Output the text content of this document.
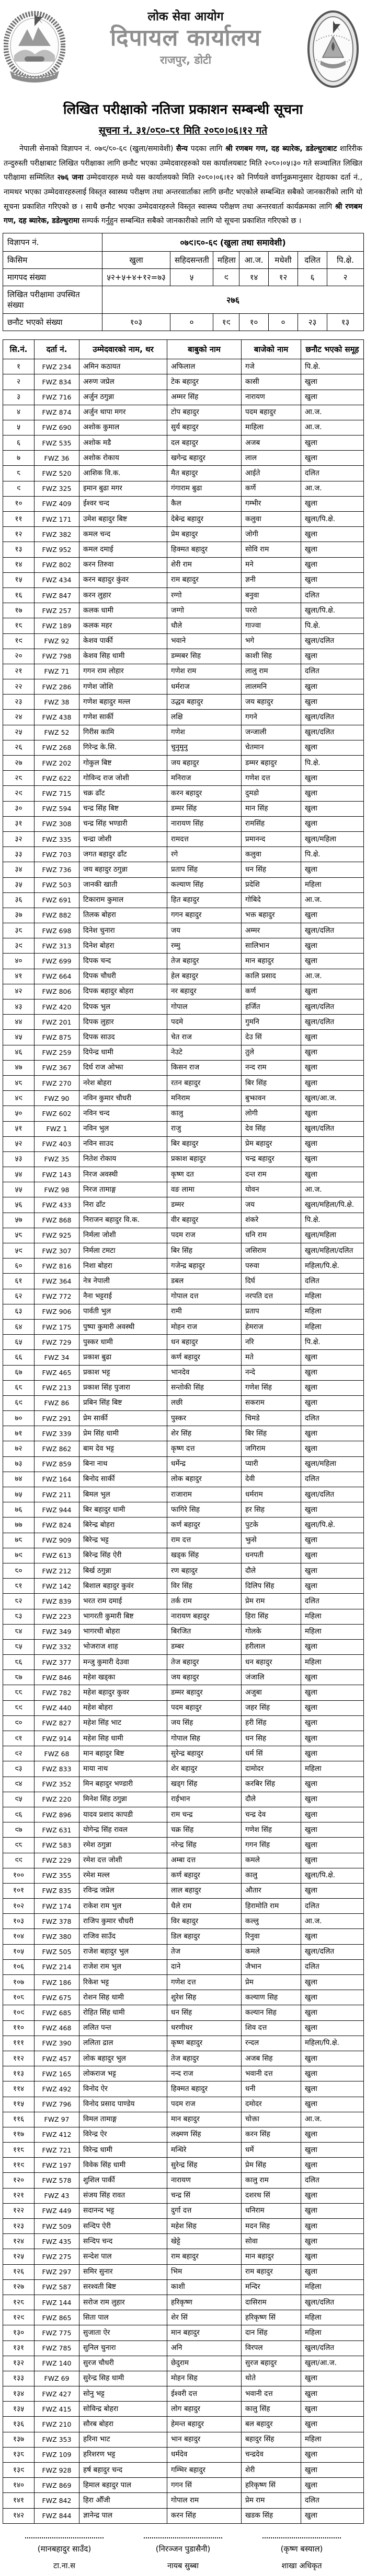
लोक सेवा आयोग
दिपायल कार्यालय
राजपुर, डोटी
लिखित परीक्षाको नतिजा प्रकाशन सम्बन्धी सूचना
सूचना नं. ३१/०८०-८१ मिति २०८०।०६।१२ गते

नेपाली सेनाको विज्ञापन नं. ०७९/८०-६९ (खुला/समावेशी) सैन्य पदका लागि श्री रणबम गण, दह ब्यारेक, डडेल्धुराबाट शारिरीक तन्दुरुस्ती परीक्षाबाट लिखित परीक्षाका लागि छनौट भएका उम्मेदवारहरुको यस कार्यालयबाट मिति २०८०।०५।३० गते सञ्चालित लिखित परीक्षामा सम्मिलित २७६ जना उम्मेदवारहरु मध्ये यस कार्यालयको मिति २०८०।०६।१२ को निर्णयले वर्णानुक्रमानुसार देहायका दर्ता नं., नामथर भएका उम्मेदवारहरुलाई विस्तृत स्वास्थ्य परीक्षण तथा अन्तरवार्ताका लागि छनौट भएकोले सम्बन्धित सबैको जानकारीको लागि यो सूचना प्रकाशित गरिएको छ । साथै छनौट भएका उम्मेदवारहरुले विस्तृत स्वास्थ्य परीक्षण तथा अन्तरवार्ता कार्यक्रमका लागि श्री रणबम गण, दह ब्यारेक, डडेल्धुरामा सम्पर्क गर्नुहुन सम्बन्धित सबैको जानकारीको लागि यो सूचना प्रकाशित गरिएको छ ।

विज्ञापन नं.	०७९।८०-६९ (खुला तथा समावेशी)						
किसिम	खुला	सहिदसन्तती	महिला	आ.ज.	मधेशी	दलित	पि.क्षे.
मागपद संख्या	५२+५+४+१२=७३	५	९	१४	१२	६	२
लिखित परीक्षामा उपस्थित संख्या	२७६						
छनौट भएको संख्या	१०३	०	१९	१०	०	२३	१३
सि.नं.	दर्ता नं.	उम्मेदवारको नाम, थर	बाबुको नाम	बाजेको नाम	छनौट भएको समूह
१	FWZ 234	अमिन कठायत	अफिलाल	गजे	पि.क्षे.
२	FWZ 834	अरुण जप्रेल	टेक बहादुर	कासी	खुला
३	FWZ 716	अर्जुन ठगुन्ना	अम्मर सिंह	नारायण	खुला
४	FWZ 874	अर्जुन थापा मगर	टोप बहादुर	पदम बहादुर	आ.ज.
५	FWZ 690	अशोक कुमाल	सुर्य बहादुर	माहिला	आ.ज.
६	FWZ 535	अशोक मडै	दल बहादुर	अजब	खुला
७	FWZ 36	अशोक रोकाय	खगेन्द्र बहादुर	लाल	खुला
८	FWZ 520	आशिक वि.क.	मैत बहादुर	आईते	दलित
९	FWZ 325	इमान बुढा मगर	गंगाराम बुढा	कर्णे	आ.ज.
१०	FWZ 409	ईश्वर चन्द	कैल	गम्भीर	खुला
११	FWZ 171	उमेश बहादुर बिष्ट	देबेन्द्र बहादुर	कलुवा	खुला/पि.क्षे.
१२	FWZ 382	कमल चन्द	प्रेम बहादुर	जोगी	खुला
१३	FWZ 952	कमल दमाई	हिक्मत बहादुर	सोवि राम	खुला
१४	FWZ 802	करन तिरुवा	शेरी राम	मने	खुला
१५	FWZ 434	करन बहादुर कुंवर	राम बहादुर	ज्ञनी	खुला
१६	FWZ 847	करन लुहार	रग्गो	बनुवा	दलित
१७	FWZ 257	कलक धामी	जग्गो	पररो	खुला/पि.क्षे.
१८	FWZ 189	कलक महर	धौले	गाज्वा	पि.क्षे.
१९	FWZ 92	केशव पार्की	भवाने	भगे	खुला/दलित
२०	FWZ 798	केशव सिह धामी	डम्मबर सिह	काशी सिह	खुला
२१	FWZ 71	गगन राम लोहार	गणेश राम	लालु राम	दलित
२२	FWZ 286	गणेश जोशि	धर्मराज	लालमनि	खुला
२३	FWZ 38	गणेश बहादुर मल्ल	उद्धव बहादुर	जय बहादुर	खुला
२४	FWZ 438	गणेश सार्की	लक्षि	गगने	खुला/दलित
२५	FWZ 52	गिरीस कामि	गणेश	जन्जाली	खुला/दलित
२६	FWZ 268	गिरेन्द्र के.सि.	चुनुमुनु	चेतमान	खुला
२७	FWZ 202	गोकुल बिष्ट	जय बहादुर	डम्मर बहादुर	पि.क्षे.
२८	FWZ 622	गोविन्द राज जोशी	मनिराज	गणेश दत्त	खुला
२९	FWZ 715	चक्र ढाँट	करन बहादुर	दुमडो	खुला
३०	FWZ 594	चन्द्र सिंह बिष्ट	डम्मर सिंह	मान सिंह	खुला
३१	FWZ 308	चन्द्र सिंह भण्डारी	नारायण सिंह	रामसिंह	खुला
३२	FWZ 335	चन्द्रा जोशी	रामदत्त	प्रमानन्द	खुला/महिला
३३	FWZ 703	जगत बहादुर ढाँट	रगे	कलुवा	पि.क्षे.
३४	FWZ 736	जय बहादुर ठगुन्ना	प्रताप सिंह	धन सिंह	खुला
३५	FWZ 503	जानकी खाती	कल्याण सिंह	प्रदेशि	महिला
३६	FWZ 691	टिकाराम कुमाल	हित बहादुर	गोबिदे	आ.ज.
३७	FWZ 882	तिलक बोहरा	गगन बहादुर	भक्त बहादुर	खुला
३८	FWZ 698	दिनेश चुनारा	जय	अम्मर	खुला/दलित
३९	FWZ 313	दिनेश बोहरा	रम्मु	सालिभान	खुला
४०	FWZ 699	दिपक चन्द	तेज बहादुर	मान बहादुर	खुला
४१	FWZ 664	दिपक चौधरी	हेल बहादुर	कालि प्रसाद	आ.ज.
४२	FWZ 806	दिपक बहादुर बोहरा	नर बहादुर	कर्ण	खुला
४३	FWZ 420	दिपक भुल	गोपाल	हर्जित	खुला/दलित
४४	FWZ 201	दिपक लुहार	पदमे	गुमनि	खुला/दलित
४५	FWZ 875	दिपक साउद	चेत राज	देउ सिं	खुला
४६	FWZ 259	दिपेन्द्र धामी	नेउटे	तुले	खुला
४७	FWZ 367	दिर्घ राज ओझा	किसन राज	नन्द राम	खुला
४८	FWZ 270	नरेश बोहरा	रतन बहादुर	बिर सिंह	खुला
४९	FWZ 90	नविन कुमार चौधरी	मनिराम	बुझावन	खुला/आ.ज.
५०	FWZ 602	नविन चन्द	कालु	लोगी	खुला
५१	FWZ 1	नविन भुल	राजु	देव सिंह	खुला/दलित
५२	FWZ 403	नविन साउद	बिर बहादुर	प्रेम बहादुर	खुला
५३	FWZ 35	नितेश रोकाय	प्रकाश बहादुर	चन्द्र बहादुर	खुला
५४	FWZ 143	निरज अवस्थी	कृष्ण दत	दन्त राम	खुला
५५	FWZ 98	निरज तामाङ्ग	वङ लामा	योवन	आ.ज.
५६	FWZ 433	निरा ढाँट	डम्मर	जय	खुला/महिला/पि.क्षे.
५७	FWZ 868	निराजन बहादुर वि.क.	वीर बहादुर	शंकरे	पि.क्षे.
५८	FWZ 925	निर्मला जोशी	पदम राज	धनि राम	खुला/महिला
५९	FWZ 307	निर्मला टमटा	बिर सिंह	जसिराम	खुला/महिला/दलित
६०	FWZ 816	निशा बोहरा	गजेन्द्र बहादुर	परुवा	महिला/पि.क्षे.
६१	FWZ 364	नेत्र नेपाली	डबल	दिर्घ	दलित
६२	FWZ 772	नैना भट्टराई	गोपाल दत्त	नरपति दत्त	महिला
६३	FWZ 906	पार्वती भुल	रामी	प्रताप	महिला
६४	FWZ 175	पुष्पा कुमारी अवस्थी	मोहन राज	हेमराज	महिला
६५	FWZ 729	पुस्कर धामी	धन बहादुर	नरि	पि.क्षे.
६६	FWZ 34	प्रकाश बुढा	कर्ण बहादुर	मते	खुला
६७	FWZ 465	प्रकाश भट्ट	भानदेव	नन्दे	खुला
६८	FWZ 213	प्रकाश सिंह पुजारा	सन्तोकी सिंह	गणेश सिंह	खुला
६९	FWZ 86	प्रबिन सिंह बिष्ट	लछी	सकराम	खुला
७०	FWZ 291	प्रेम सार्की	पुस्कर	चिमडे	दलित
७१	FWZ 339	प्रेम सिंह धामी	शेर सिंह	बिर सिंह	खुला
७२	FWZ 862	बाम देव भट्ट	कृष्ण दत्त	जगिराम	खुला
७३	FWZ 859	बिना नाथ	धर्मेन्द्र	प्यारी	खुला/महिला
७४	FWZ 164	बिनोद सार्की	लोक बहादुर	देवी	दलित
७५	FWZ 211	बिमल भुल	राजाराम	धर्मराम	खुला/दलित
७६	FWZ 944	बिर बहादुर धामी	फागिरे सिह	हर सिह	खुला
७७	FWZ 824	बिरेन्द्र बोहरा	कर्ण बहादुर	पुटके	खुला/पि.क्षे.
७८	FWZ 909	बिरेन्द्र भट्ट	राम दत्त	झुसे	खुला
७९	FWZ 613	बिरेन्द्र सिंह ऐरी	खड्क सिंह	धनपती	खुला
८०	FWZ 212	बिर्ख ठगुन्ना	रण बहादुर	दौले	खुला
८१	FWZ 142	बिशाल बहादुर कुवंर	विर सिंह	दिलिप सिंह	खुला
८२	FWZ 839	भरत राम दमाई	तर्क राम	प्रेम राम	दलित
८३	FWZ 223	भागरती कुमारी बिष्ट	नारायण बहादुर	हिरा सिंह	महिला
८४	FWZ 349	भागरथी बोहरा	बिरजित	गोलके	महिला
८५	FWZ 332	भोजराज शाह	डम्बर	हरीलाल	खुला
८६	FWZ 377	मन्जु कुमारी देउवा	तेज बहादुर	धन बहादुर	महिला
८७	FWZ 846	महेश खड्का	जय बहादुर	जंजालि	खुला
८८	FWZ 782	महेश बहादुर कुवर	डम्मर बहादुर	अजुबा	खुला
८९	FWZ 440	महेश बोहरा	पदम बहादुर	जहर सिंह	खुला
९०	FWZ 827	महेश सिंह भाट	जय सिंह	हरी सिंह	खुला
९१	FWZ 914	महेश सिह धामी	गोपाल सिह	धन सिह	खुला
९२	FWZ 68	मान बहादुर बिष्ट	सुरेन्द्र बहादुर	धर्म सिं	खुला
९३	FWZ 833	माया नाथ	शेर बहादुर	दामोदर	महिला
९४	FWZ 352	मिन बहादुर भण्डारी	खड्ग सिंह	करबिर सिंह	खुला
९५	FWZ 220	मिनेश सिंह ठगुन्ना	राईभान	दौले	खुला
९६	FWZ 896	यादव प्रशाद कापडी	राम चन्द्र	चन्द्र देव	खुला
९७	FWZ 631	योगेन्द्र सिंह रावल	चक्र सिंह	गणेश सिंह	खुला
९८	FWZ 583	रमेश ठगुन्ना	नरेन्द्र सिंह	गगन सिंह	खुला
९९	FWZ 229	रमेश दत्त जोशी	अम्बा दत्त	कमले	खुला
१००	FWZ 355	रमेश मल्ल	कर्ण बहादुर	कालु	खुला/पि.क्षे.
१०१	FWZ 835	रविन्द्र जप्रेल	लाल बहादुर	औतार	खुला
१०२	FWZ 174	राकेश राम भुल	धैले राम	हिरामोति राम	दलित
१०३	FWZ 378	राजिप कुमार चौधरी	विर बहादुर	कल्लु	आ.ज.
१०४	FWZ 380	राजिव साउँद	डिल बहादुर	रिनुवा	खुला
१०५	FWZ 505	राजेश बहादुर भुल	तेज	कमले	खुला/दलित
१०६	FWZ 214	राजेश राम भुल	दाने	जैभान	दलित
१०७	FWZ 186	रिकेश भट्ट	गणेश दत्त	प्रेम	खुला
१०८	FWZ 675	रोशन सिह धामी	शुरेश सिह	कल्याण सिह	खुला
१०९	FWZ 685	रोहित सिंह धामी	धन सिंह	कल्यान सिह	खुला
११०	FWZ 468	ललित पन्त	धरणीधर	शिव दत्त	खुला
१११	FWZ 390	ललिता द्राल	कृष्ण बहादुर	रन्दल	महिला/पि.क्षे.
११२	FWZ 457	लोक बहादुर भुल	तेज बहादुर	अजब सिह	खुला
११३	FWZ 165	लोकराज भट्ट	नन्द राज	भवानी दत्त	खुला
११४	FWZ 492	विनोद ऐर	हिक्मत बहादुर	धनी	खुला
११५	FWZ 796	विनोद प्रसाद पाण्डेय	पदम राज	दमोदर	खुला
११६	FWZ 97	विमल तामाङ्ग	मान बहादुर	चोक्ता	आ.ज.
११७	FWZ 412	विरेन्द्र ऐर	लक्ष्मण सिंह	करन सिंह	खुला
११८	FWZ 721	विरेन्द्र धामी	मन्धिरे	धर्मे	खुला
११९	FWZ 197	विवेक सिंह धामी	सुरेन्द्र सिंह	प्रेम सिंह	खुला
१२०	FWZ 578	शुशिल पार्की	नारायण	कालु राम	दलित
१२१	FWZ 43	संजय सिंह रावत	चन्द्र सिं	दशरथ सिं	खुला
१२२	FWZ 449	सदानन्द भट्ट	दुर्गा दत्त	धनिराम	खुला
१२३	FWZ 509	सन्दिप ऐरी	महेश सिह	मदन सिह	खुला
१२४	FWZ 435	सन्दिप चन्द	खेट्टे	सोवा	खुला
१२५	FWZ 275	सन्देश पाल	राम बहादुर	मान बहादुर	खुला
१२६	FWZ 297	समिर सुनार	भिम	राम बहादुर	खुला
१२७	FWZ 587	सरश्वती बिष्ट	काशी	मन्दिर	महिला
१२८	FWZ 144	सरोज राम लुहार	हरिकृष्ण	दासिराम	खुला/दलित
१२९	FWZ 865	सिता पाल	शेर सिं	हरिकृष्ण सिं	महिला
१३०	FWZ 775	सुजाता ऐर	मान बहादुर	दान सिंह	महिला
१३१	FWZ 785	सुनिल चुनारा	अनि	विरपल	खुला/दलित
१३२	FWZ 140	सुरज चौधरी	छेदुराम	सुरज बहादुर	खुला/आ.ज.
१३३	FWZ 69	सुरेन्द्र सिह धामी	मोहन सिह	थोते	खुला
१३४	FWZ 427	सोनु भट्ट	ईश्वरी दत्त	भवानी दत्त	खुला
१३५	FWZ 415	सोविन्द्र बोहरा	लोग बहादुर	कालु सिंह	खुला
१३६	FWZ 210	सौरब बोहरा	हेमन्त बहादुर	बल बहादुर	खुला
१३७	FWZ 353	हरिना भाट	भान बहादुर	बहादुर सिंह	महिला
१३८	FWZ 109	हरिशरण भट्ट	धर्मदेव	चन्द्रदेव	खुला
१३९	FWZ 928	हर्ष बहादुर चन्द	गम्भिर बहादुर	शेरी	खुला
१४०	FWZ 869	हिमाल बहादुर पाल	गगन सिं	हरिकृष्ण सिं	खुला
१४१	FWZ 842	हिरा औँजी	गोपाल राम	प्रेम राम	दलित
१४२	FWZ 844	ज्ञानेन्द्र पाल	करन सिंह	खडक सिंह	खुला
(मानबहादुर साउँद)
टा.ना.स
(निरञ्जन पुडासैनी)
नायब सुब्बा
(कृष्ण बस्याल)
शाखा अधिकृत
